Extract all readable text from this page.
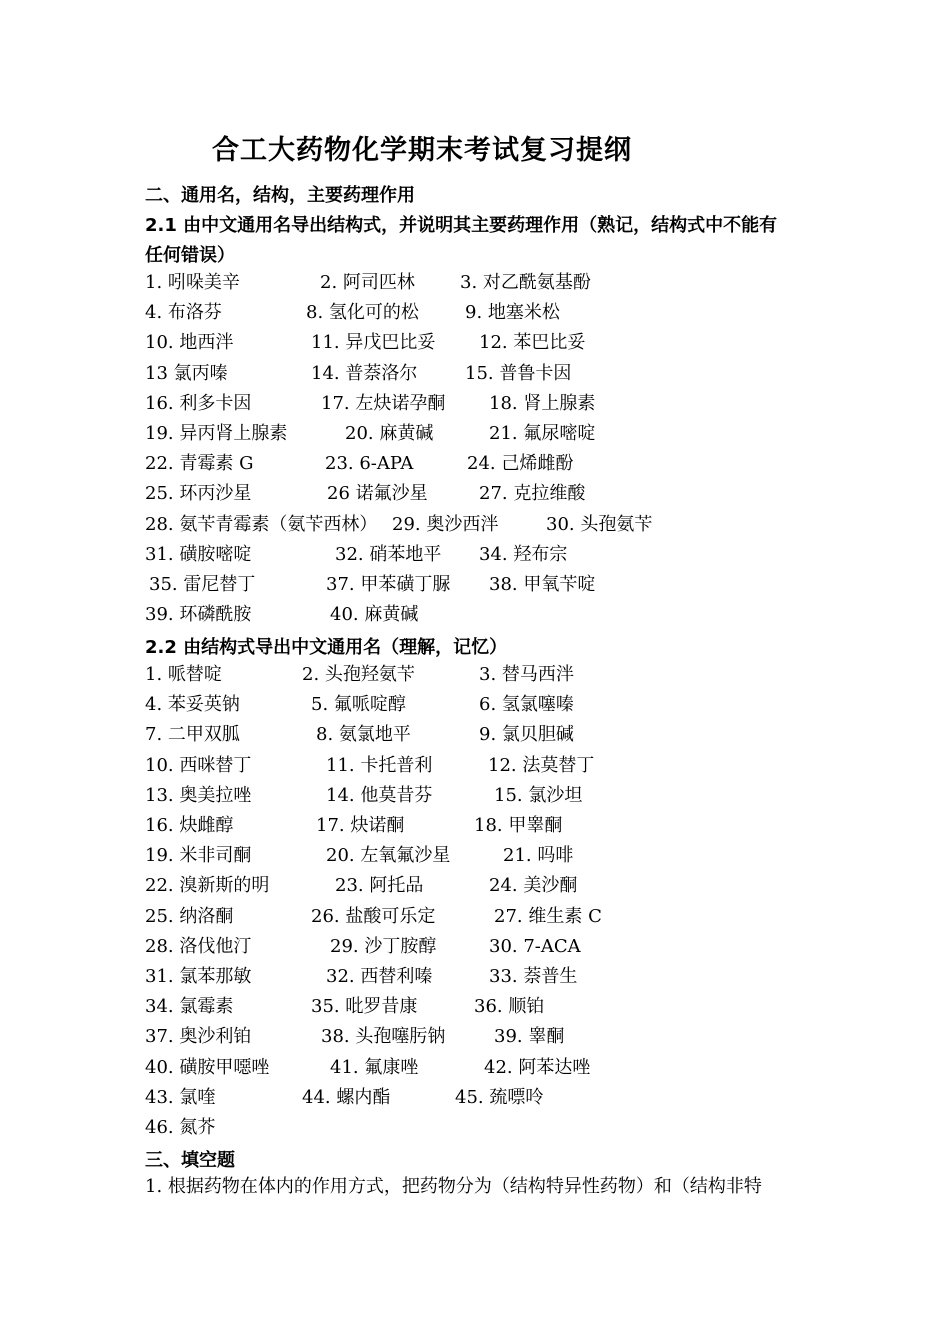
合工大药物化学期末考试复习提纲
二、通用名，结构，主要药理作用
2.1 由中文通用名导出结构式，并说明其主要药理作用（熟记，结构式中不能有
任何错误）
1. 吲哚美辛	2. 阿司匹林	3. 对乙酰氨基酚
4. 布洛芬	8. 氢化可的松	9. 地塞米松
10. 地西泮	11. 异戊巴比妥 12. 苯巴比妥
13 氯丙嗪	14. 普萘洛尔	15. 普鲁卡因
16. 利多卡因	17. 左炔诺孕酮 18. 肾上腺素
19. 异丙肾上腺素	20. 麻黄碱	21. 氟尿嘧啶
22. 青霉素 G	23. 6-APA	24. 己烯雌酚
25. 环丙沙星	26 诺氟沙星	27. 克拉维酸
28. 氨苄青霉素（氨苄西林） 29. 奥沙西泮	30. 头孢氨苄
31. 磺胺嘧啶	32. 硝苯地平 34. 羟布宗
35. 雷尼替丁	37. 甲苯磺丁脲 38. 甲氧苄啶
39. 环磷酰胺	40. 麻黄碱
2.2 由结构式导出中文通用名（理解，记忆）
1. 哌替啶	2. 头孢羟氨苄	3. 替马西泮
4. 苯妥英钠	5. 氟哌啶醇	6. 氢氯噻嗪
7. 二甲双胍	8. 氨氯地平	9. 氯贝胆碱
10. 西咪替丁	11. 卡托普利	12. 法莫替丁
13. 奥美拉唑	14. 他莫昔芬	15. 氯沙坦
16. 炔雌醇	17. 炔诺酮	18. 甲睾酮
19. 米非司酮	20. 左氧氟沙星	21. 吗啡
22. 溴新斯的明	23. 阿托品	24. 美沙酮
25. 纳洛酮	26. 盐酸可乐定	27. 维生素 C
28. 洛伐他汀	29. 沙丁胺醇	30. 7-ACA
31. 氯苯那敏	32. 西替利嗪	33. 萘普生
34. 氯霉素	35. 吡罗昔康	36. 顺铂
37. 奥沙利铂	38. 头孢噻肟钠	39. 睾酮
40. 磺胺甲噁唑	41. 氟康唑	42. 阿苯达唑
43. 氯喹	44. 螺内酯	45. 巯嘌呤
46. 氮芥
三、填空题
1. 根据药物在体内的作用方式，把药物分为（结构特异性药物）和（结构非特
